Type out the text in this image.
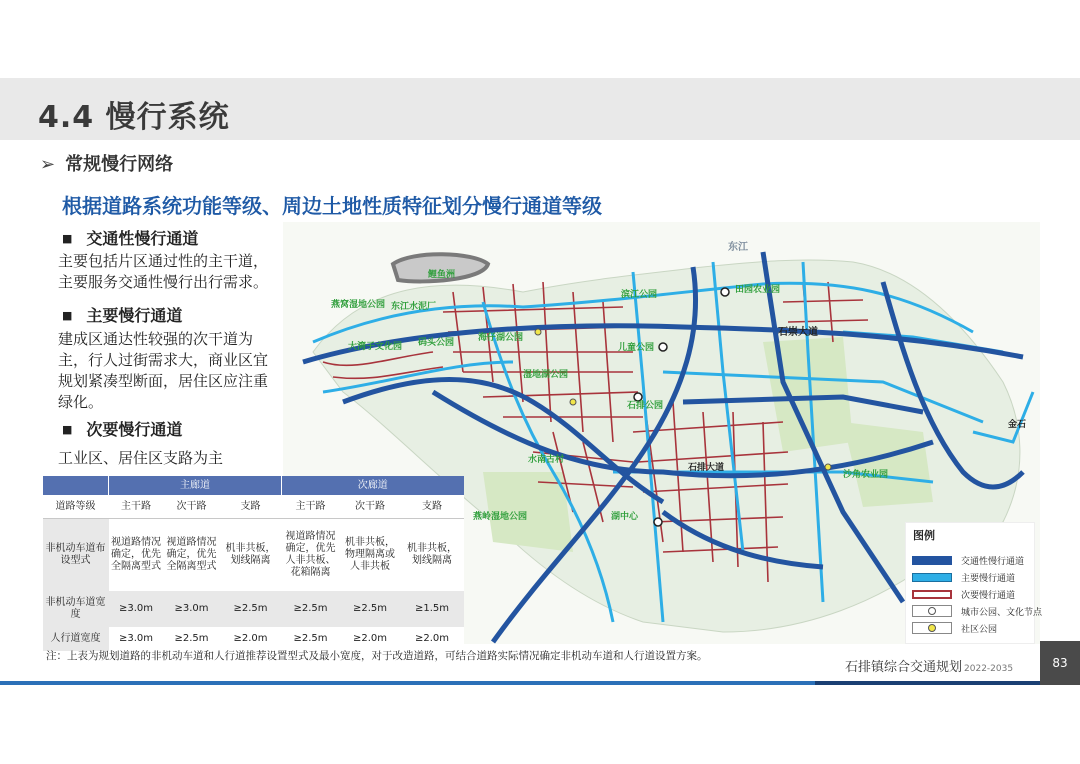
4.4 慢行系统
➢ 常规慢行网络
根据道路系统功能等级、周边土地性质特征划分慢行通道等级
■ 交通性慢行通道
主要包括片区通过性的主干道，主要服务交通性慢行出行需求。
■ 主要慢行通道
建成区通达性较强的次干道为主，行人过街需求大，商业区宜规划紧凑型断面，居住区应注重绿化。
■ 次要慢行通道
工业区、居住区支路为主
东江
鲤鱼洲
燕窝湿地公园 东江水泥厂
滨江公园	田园农业园
大湾子文化园 码头公园	海仔湖公园
儿童公园
石崇大道
湿地湖公园
石排公园
金石
石排大道
沙角农业园
燕岭湿地公园	湖中心
水南古村
图例
交通性慢行通道
主要慢行通道
次要慢行通道
城市公园、文化节点
社区公园
	主廊道			次廊道		
道路等级	主干路	次干路	支路	主干路	次干路	支路
非机动车道布设型式	视道路情况确定，优先全隔离型式	视道路情况确定，优先全隔离型式	机非共板，划线隔离	视道路情况确定，优先人非共板、花箱隔离	机非共板，物理隔离或人非共板	机非共板，划线隔离
非机动车道宽度	≥3.0m	≥3.0m	≥2.5m	≥2.5m	≥2.5m	≥1.5m
人行道宽度	≥3.0m	≥2.5m	≥2.0m	≥2.5m	≥2.0m	≥2.0m
注：上表为规划道路的非机动车道和人行道推荐设置型式及最小宽度，对于改造道路，可结合道路实际情况确定非机动车道和人行道设置方案。
石排镇综合交通规划 2022-2035	83
